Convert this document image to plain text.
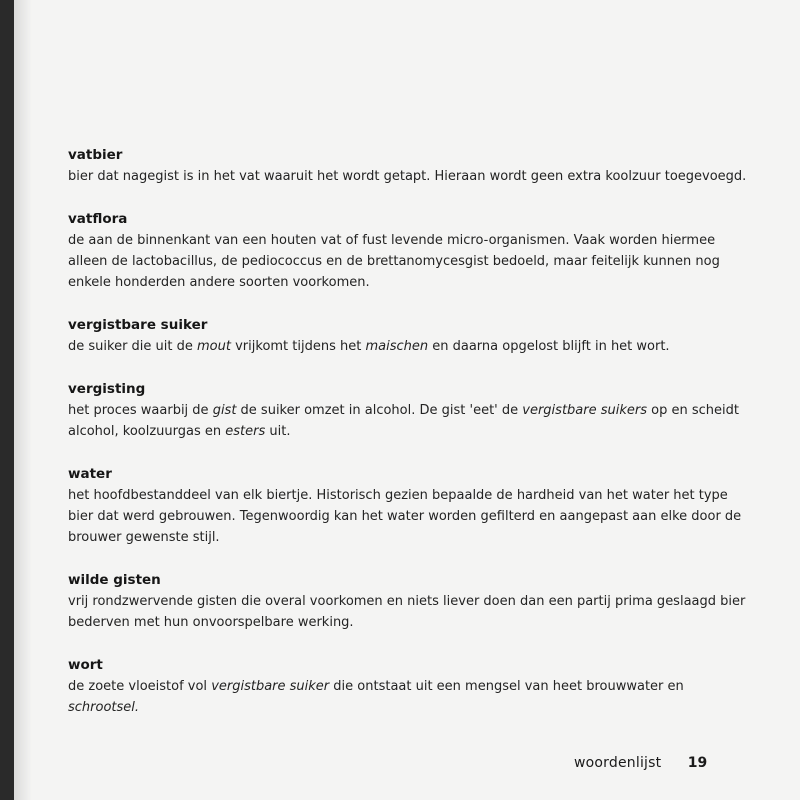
vatbier
bier dat nagegist is in het vat waaruit het wordt getapt. Hieraan wordt geen extra koolzuur toegevoegd.
vatflora
de aan de binnenkant van een houten vat of fust levende micro-organismen. Vaak worden hiermee alleen de lactobacillus, de pediococcus en de brettanomycesgist bedoeld, maar feitelijk kunnen nog enkele honderden andere soorten voorkomen.
vergistbare suiker
de suiker die uit de mout vrijkomt tijdens het maischen en daarna opgelost blijft in het wort.
vergisting
het proces waarbij de gist de suiker omzet in alcohol. De gist 'eet' de vergistbare suikers op en scheidt alcohol, koolzuurgas en esters uit.
water
het hoofdbestanddeel van elk biertje. Historisch gezien bepaalde de hardheid van het water het type bier dat werd gebrouwen. Tegenwoordig kan het water worden gefilterd en aangepast aan elke door de brouwer gewenste stijl.
wilde gisten
vrij rondzwervende gisten die overal voorkomen en niets liever doen dan een partij prima geslaagd bier bederven met hun onvoorspelbare werking.
wort
de zoete vloeistof vol vergistbare suiker die ontstaat uit een mengsel van heet brouwwater en schrootsel.
woordenlijst 19
